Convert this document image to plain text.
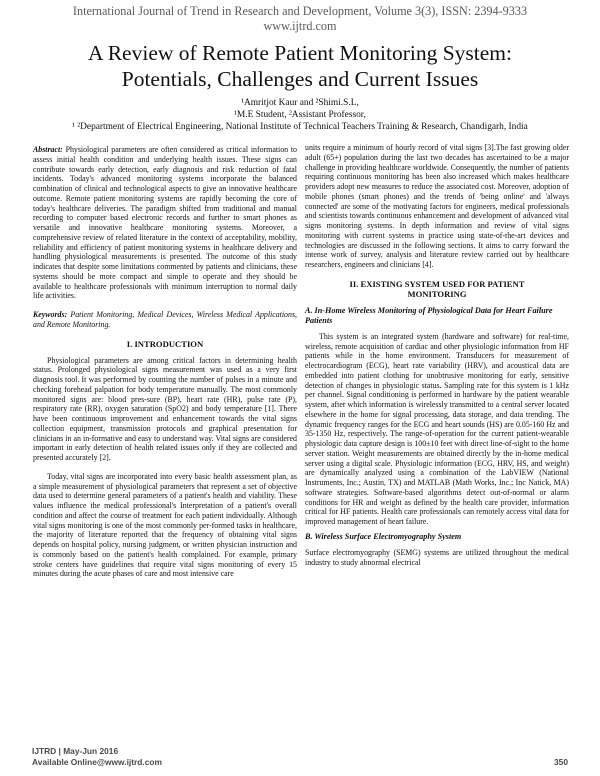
International Journal of Trend in Research and Development, Volume 3(3), ISSN: 2394-9333
www.ijtrd.com
A Review of Remote Patient Monitoring System:
Potentials, Challenges and Current Issues
¹Amritjot Kaur and ²Shimi.S.L,
¹M.E Student, ²Assistant Professor,
¹ ²Department of Electrical Engineering, National Institute of Technical Teachers Training & Research, Chandigarh, India

Abstract: Physiological parameters are often considered as critical information to assess initial health condition and underlying health issues. These signs can contribute towards early detection, early diagnosis and risk reduction of fatal incidents. Today's advanced monitoring systems incorporate the balanced combination of clinical and technological aspects to give an innovative healthcare outcome. Remote patient monitoring systems are rapidly becoming the core of today's healthcare deliveries. The paradigm shifted from traditional and manual recording to computer based electronic records and further to smart phones as versatile and innovative healthcare monitoring systems. Moreover, a comprehensive review of related literature in the context of acceptability, mobility, reliability and efficiency of patient monitoring systems in healthcare delivery and handling physiological measurements is presented. The outcome of this study indicates that despite some limitations commented by patients and clinicians, these systems should be more compact and simple to operate and they should be available to healthcare professionals with minimum interruption to normal daily life activities.

Keywords: Patient Monitoring, Medical Devices, Wireless Medical Applications, and Remote Monitoring.

I. INTRODUCTION

Physiological parameters are among critical factors in determining health status. Prolonged physiological signs measurement was used as a very first diagnosis tool. It was performed by counting the number of pulses in a minute and checking forehead palpation for body temperature manually. The most commonly monitored signs are: blood pres-sure (BP), heart rate (HR), pulse rate (P), respiratory rate (RR), oxygen saturation (SpO2) and body temperature [1]. There have been continuous improvement and enhancement towards the vital signs collection equipment, transmission protocols and graphical presentation for clinicians in an in-formative and easy to understand way. Vital signs are considered important in early detection of health related issues only if they are collected and presented accurately [2].

Today, vital signs are incorporated into every basic health assessment plan, as a simple measurement of physiological parameters that represent a set of objective data used to determine general parameters of a patient's health and viability. These values influence the medical professional's Interpretation of a patient's overall condition and affect the course of treatment for each patient individually. Although vital signs monitoring is one of the most commonly per-formed tasks in healthcare, the majority of literature reported that the frequency of obtaining vital signs depends on hospital policy, nursing judgment, or written physician instruction and is commonly based on the patient's health complained. For example, primary stroke centers have guidelines that require vital signs monitoring of every 15 minutes during the acute phases of care and most intensive care

units require a minimum of hourly record of vital signs [3].The fast growing older adult (65+) population during the last two decades has ascertained to be a major challenge in providing healthcare worldwide. Consequently, the number of patients requiring continuous monitoring has been also increased which makes healthcare providers adopt new measures to reduce the associated cost. Moreover, adoption of mobile phones (smart phones) and the trends of 'being online' and 'always connected' are some of the motivating factors for engineers, medical professionals and scientists towards continuous enhancement and development of advanced vital signs monitoring systems. In depth information and review of vital signs monitoring with current systems in practice using state-of-the-art devices and technologies are discussed in the following sections. It aims to carry forward the intense work of survey, analysis and literature review carried out by healthcare researchers, engineers and clinicians [4].

II. EXISTING SYSTEM USED FOR PATIENT
MONITORING

A. In-Home Wireless Monitoring of Physiological Data for Heart Failure Patients

This system is an integrated system (hardware and software) for real-time, wireless, remote acquisition of cardiac and other physiologic information from HF patients while in the home environment. Transducers for measurement of electrocardiogram (ECG), heart rate variability (HRV), and acoustical data are embedded into patient clothing for unobtrusive monitoring for early, sensitive detection of changes in physiologic status. Sampling rate for this system is 1 kHz per channel. Signal conditioning is performed in hardware by the patient wearable system, after which information is wirelessly transmitted to a central server located elsewhere in the home for signal processing, data storage, and data trending. The dynamic frequency ranges for the ECG and heart sounds (HS) are 0.05-160 Hz and 35-1350 Hz, respectively. The range-of-operation for the current patient-wearable physiologic data capture design is 100±10 feet with direct line-of-sight to the home server station. Weight measurements are obtained directly by the in-home medical server using a digital scale. Physiologic information (ECG, HRV, HS, and weight) are dynamically analyzed using a combination of the LabVIEW (National Instruments, Inc.; Austin, TX) and MATLAB (Math Works, Inc.; Inc Natick, MA) software strategies. Software-based algorithms detect out-of-normal or alarm conditions for HR and weight as defined by the health care provider, information critical for HF patients. Health care professionals can remotely access vital data for improved management of heart failure.

B. Wireless Surface Electromyography System

Surface electromyography (SEMG) systems are utilized throughout the medical industry to study abnormal electrical

IJTRD | May-Jun 2016
Available Online@www.ijtrd.com	350
